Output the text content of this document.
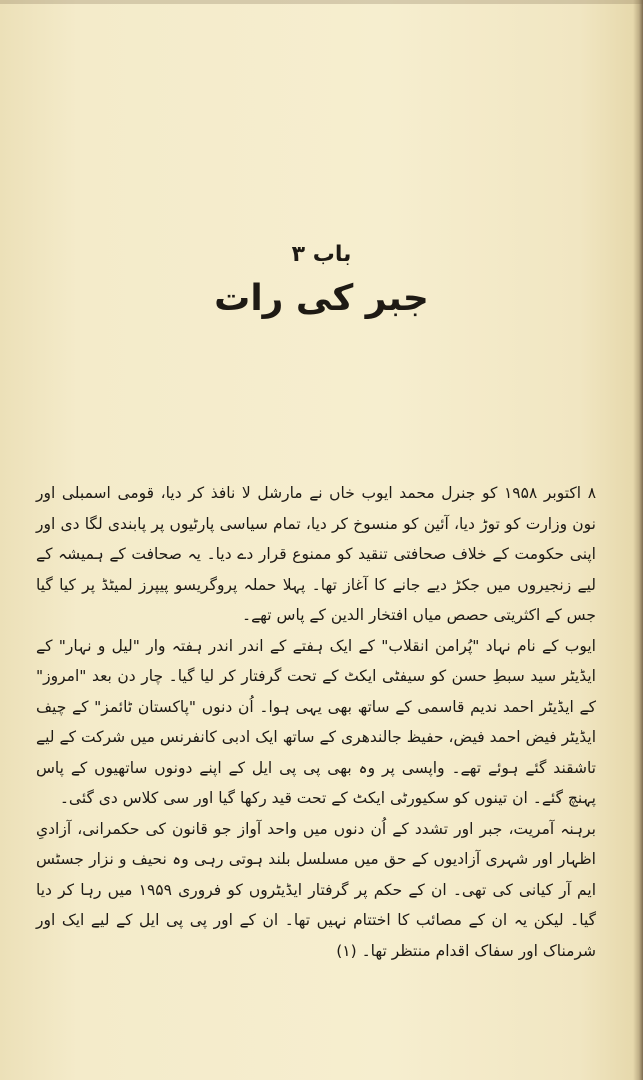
باب ۳
جبر کی رات

۸ اکتوبر ۱۹۵۸ کو جنرل محمد ایوب خاں نے مارشل لا نافذ کر دیا، قومی اسمبلی اور نون وزارت کو توڑ دیا، آئین کو منسوخ کر دیا، تمام سیاسی پارٹیوں پر پابندی لگا دی اور اپنی حکومت کے خلاف صحافتی تنقید کو ممنوع قرار دے دیا۔ یہ صحافت کے ہمیشہ کے لیے زنجیروں میں جکڑ دیے جانے کا آغاز تھا۔ پہلا حملہ پروگریسو پیپرز لمیٹڈ پر کیا گیا جس کے اکثریتی حصص میاں افتخار الدین کے پاس تھے۔

ایوب کے نام نہاد "پُرامن انقلاب" کے ایک ہفتے کے اندر اندر ہفتہ وار "لیل و نہار" کے ایڈیٹر سید سبطِ حسن کو سیفٹی ایکٹ کے تحت گرفتار کر لیا گیا۔ چار دن بعد "امروز" کے ایڈیٹر احمد ندیم قاسمی کے ساتھ بھی یہی ہوا۔ اُن دنوں "پاکستان ٹائمز" کے چیف ایڈیٹر فیض احمد فیض، حفیظ جالندھری کے ساتھ ایک ادبی کانفرنس میں شرکت کے لیے تاشقند گئے ہوئے تھے۔ واپسی پر وہ بھی پی پی ایل کے اپنے دونوں ساتھیوں کے پاس پہنچ گئے۔ ان تینوں کو سکیورٹی ایکٹ کے تحت قید رکھا گیا اور سی کلاس دی گئی۔

برہنہ آمریت، جبر اور تشدد کے اُن دنوں میں واحد آواز جو قانون کی حکمرانی، آزادیِ اظہار اور شہری آزادیوں کے حق میں مسلسل بلند ہوتی رہی وہ نحیف و نزار جسٹس ایم آر کیانی کی تھی۔ ان کے حکم پر گرفتار ایڈیٹروں کو فروری ۱۹۵۹ میں رہا کر دیا گیا۔ لیکن یہ ان کے مصائب کا اختتام نہیں تھا۔ ان کے اور پی پی ایل کے لیے ایک اور شرمناک اور سفاک اقدام منتظر تھا۔ (۱)
